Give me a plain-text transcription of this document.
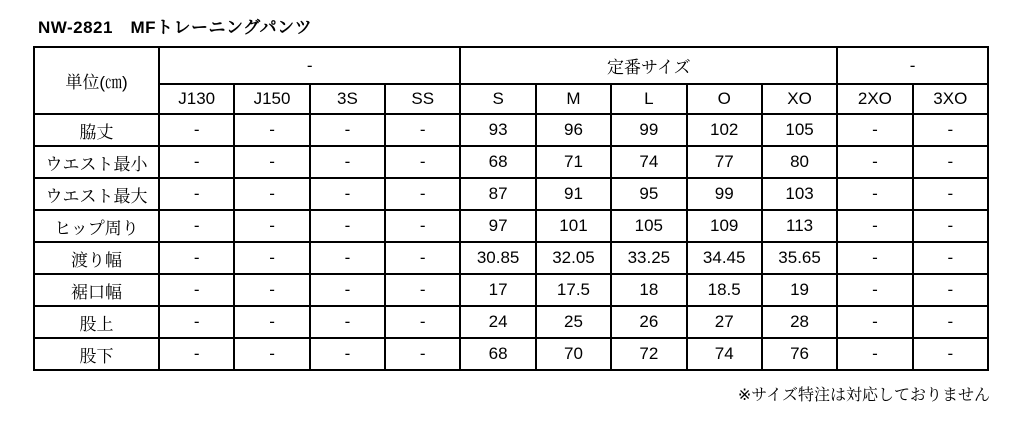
NW-2821　MFトレーニングパンツ
単位(㎝)	-				定番サイズ					-	
	J130	J150	3S	SS	S	M	L	O	XO	2XO	3XO
脇丈	-	-	-	-	93	96	99	102	105	-	-
ウエスト最小	-	-	-	-	68	71	74	77	80	-	-
ウエスト最大	-	-	-	-	87	91	95	99	103	-	-
ヒップ周り	-	-	-	-	97	101	105	109	113	-	-
渡り幅	-	-	-	-	30.85	32.05	33.25	34.45	35.65	-	-
裾口幅	-	-	-	-	17	17.5	18	18.5	19	-	-
股上	-	-	-	-	24	25	26	27	28	-	-
股下	-	-	-	-	68	70	72	74	76	-	-
※サイズ特注は対応しておりません
